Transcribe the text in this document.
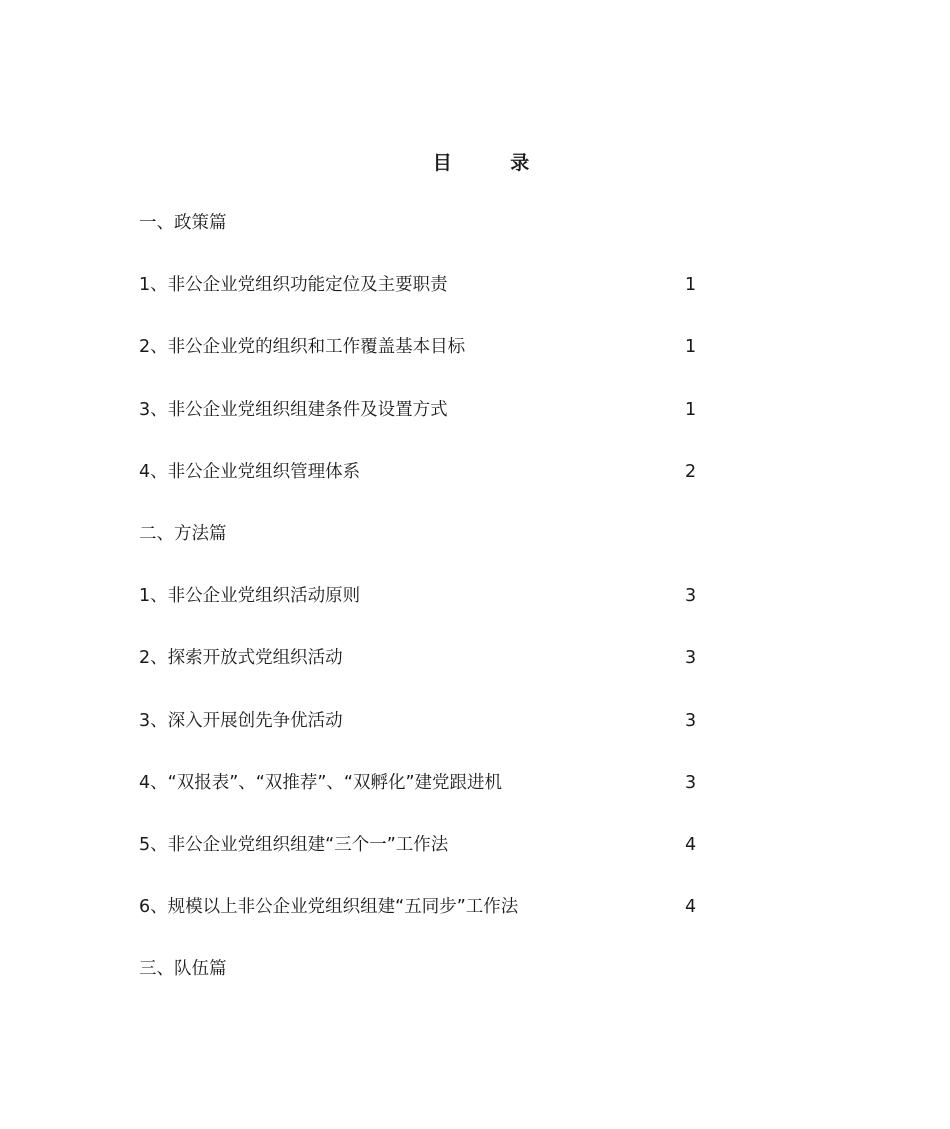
目 录
一、政策篇
1、非公企业党组织功能定位及主要职责	1
2、非公企业党的组织和工作覆盖基本目标	1
3、非公企业党组织组建条件及设置方式	1
4、非公企业党组织管理体系	2
二、方法篇
1、非公企业党组织活动原则	3
2、探索开放式党组织活动	3
3、深入开展创先争优活动	3
4、“双报表”、“双推荐”、“双孵化”建党跟进机	3
5、非公企业党组织组建“三个一”工作法	4
6、规模以上非公企业党组织组建“五同步”工作法	4
三、队伍篇
